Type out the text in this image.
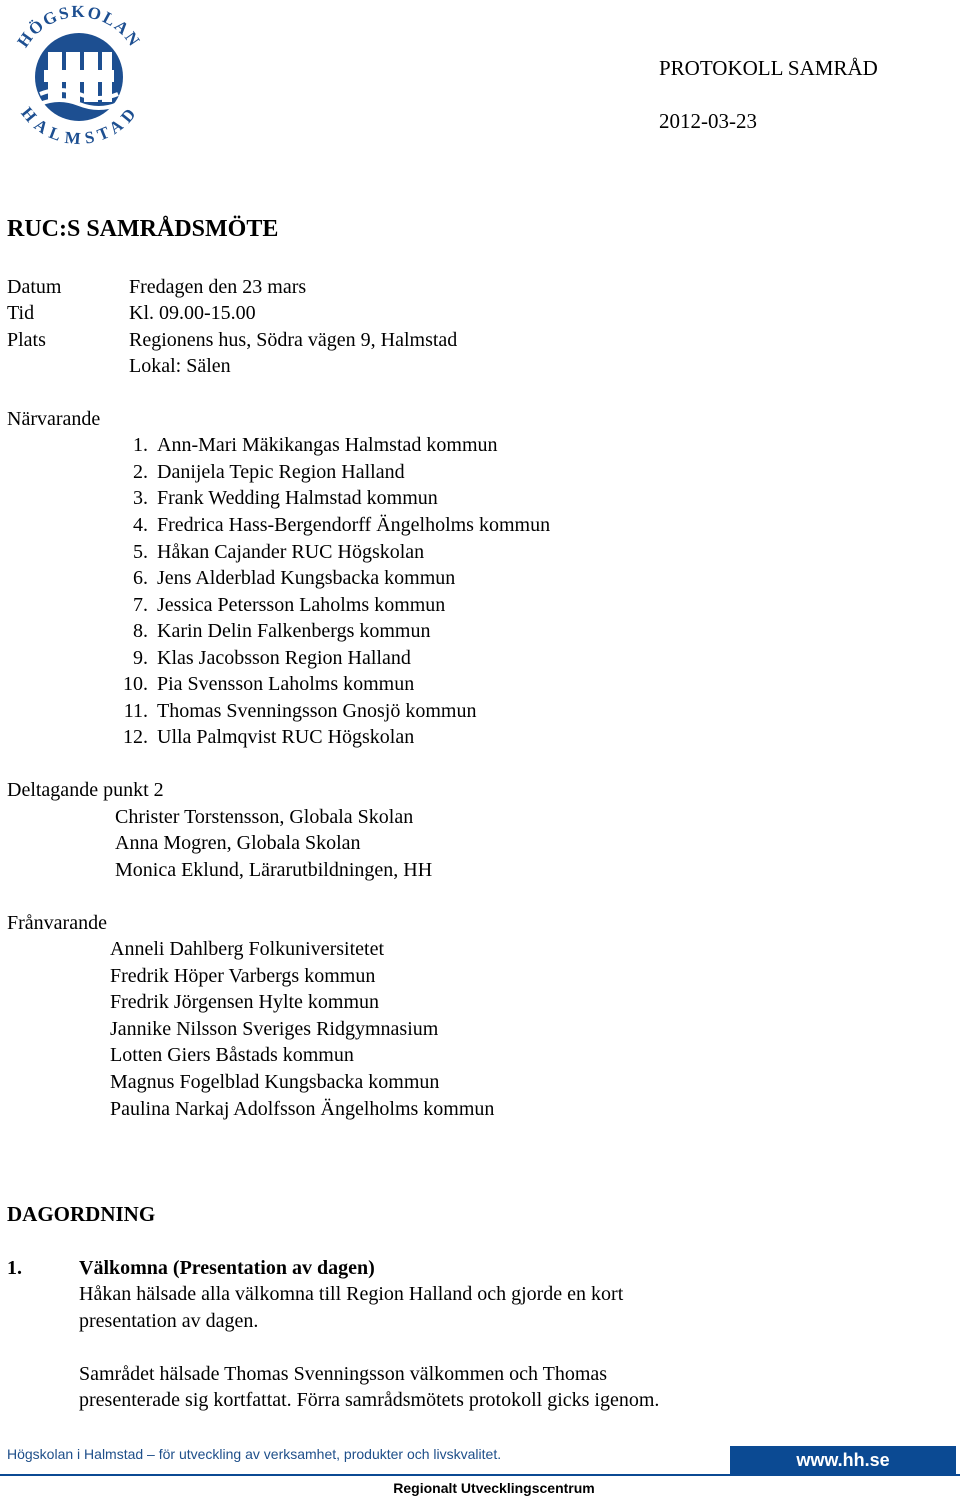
HÖGSKOLAN
HALMSTAD
PROTOKOLL SAMRÅD
2012-03-23
RUC:S SAMRÅDSMÖTE
Datum	Fredagen den 23 mars
Tid	Kl. 09.00-15.00
Plats	Regionens hus, Södra vägen 9, Halmstad
Lokal: Sälen
Närvarande
1. Ann-Mari Mäkikangas Halmstad kommun
2. Danijela Tepic Region Halland
3. Frank Wedding Halmstad kommun
4. Fredrica Hass-Bergendorff Ängelholms kommun
5. Håkan Cajander RUC Högskolan
6. Jens Alderblad Kungsbacka kommun
7. Jessica Petersson Laholms kommun
8. Karin Delin Falkenbergs kommun
9. Klas Jacobsson Region Halland
10. Pia Svensson Laholms kommun
11. Thomas Svenningsson Gnosjö kommun
12. Ulla Palmqvist RUC Högskolan
Deltagande punkt 2
Christer Torstensson, Globala Skolan
Anna Mogren, Globala Skolan
Monica Eklund, Lärarutbildningen, HH
Frånvarande
Anneli Dahlberg Folkuniversitetet
Fredrik Höper Varbergs kommun
Fredrik Jörgensen Hylte kommun
Jannike Nilsson Sveriges Ridgymnasium
Lotten Giers Båstads kommun
Magnus Fogelblad Kungsbacka kommun
Paulina Narkaj Adolfsson Ängelholms kommun
DAGORDNING
1.	Välkomna (Presentation av dagen)
Håkan hälsade alla välkomna till Region Halland och gjorde en kort
presentation av dagen.
Samrådet hälsade Thomas Svenningsson välkommen och Thomas
presenterade sig kortfattat. Förra samrådsmötets protokoll gicks igenom.
Högskolan i Halmstad – för utveckling av verksamhet, produkter och livskvalitet.	www.hh.se
Regionalt Utvecklingscentrum
